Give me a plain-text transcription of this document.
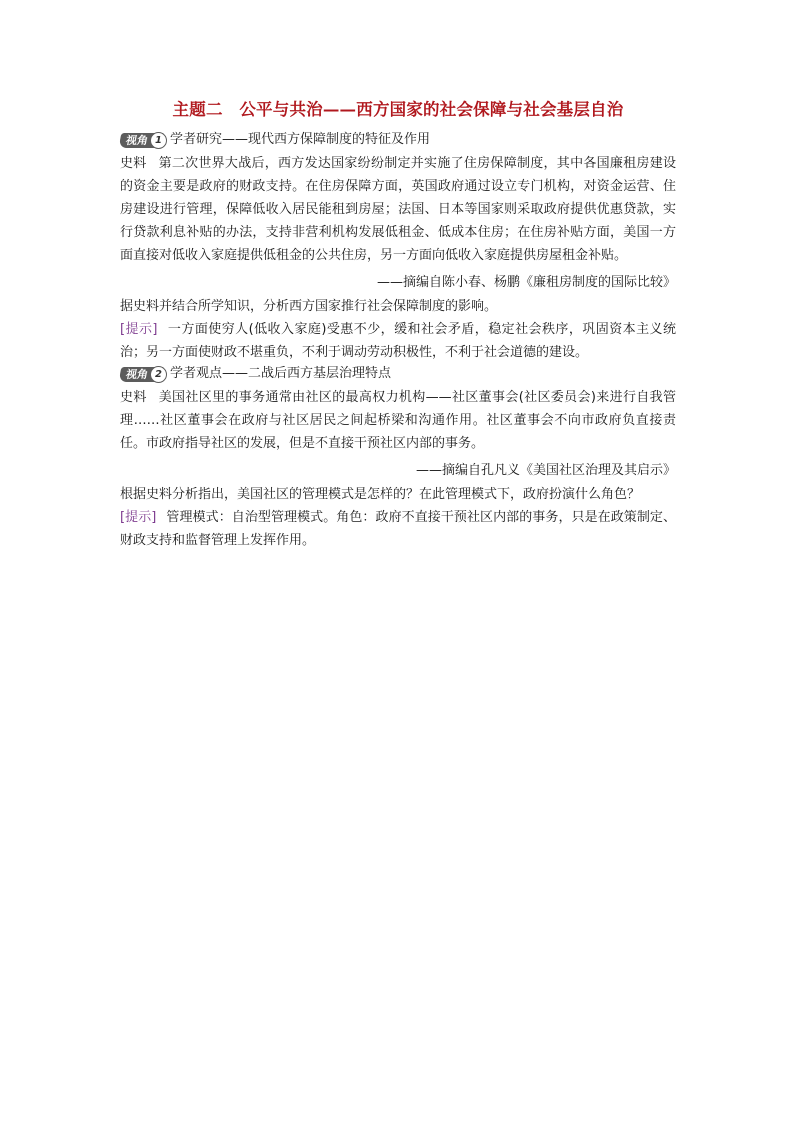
主题二　公平与共治——西方国家的社会保障与社会基层自治
视角 1 学者研究——现代西方保障制度的特征及作用

史料 第二次世界大战后，西方发达国家纷纷制定并实施了住房保障制度，其中各国廉租房建设的资金主要是政府的财政支持。在住房保障方面，英国政府通过设立专门机构，对资金运营、住房建设进行管理，保障低收入居民能租到房屋；法国、日本等国家则采取政府提供优惠贷款，实行贷款利息补贴的办法，支持非营利机构发展低租金、低成本住房；在住房补贴方面，美国一方面直接对低收入家庭提供低租金的公共住房，另一方面向低收入家庭提供房屋租金补贴。

——摘编自陈小春、杨鹏《廉租房制度的国际比较》

据史料并结合所学知识，分析西方国家推行社会保障制度的影响。

[提示] 一方面使穷人(低收入家庭)受惠不少，缓和社会矛盾，稳定社会秩序，巩固资本主义统治；另一方面使财政不堪重负，不利于调动劳动积极性，不利于社会道德的建设。

视角 2 学者观点——二战后西方基层治理特点

史料 美国社区里的事务通常由社区的最高权力机构——社区董事会(社区委员会)来进行自我管理……社区董事会在政府与社区居民之间起桥梁和沟通作用。社区董事会不向市政府负直接责任。市政府指导社区的发展，但是不直接干预社区内部的事务。

——摘编自孔凡义《美国社区治理及其启示》

根据史料分析指出，美国社区的管理模式是怎样的？在此管理模式下，政府扮演什么角色？

[提示] 管理模式：自治型管理模式。角色：政府不直接干预社区内部的事务，只是在政策制定、财政支持和监督管理上发挥作用。
